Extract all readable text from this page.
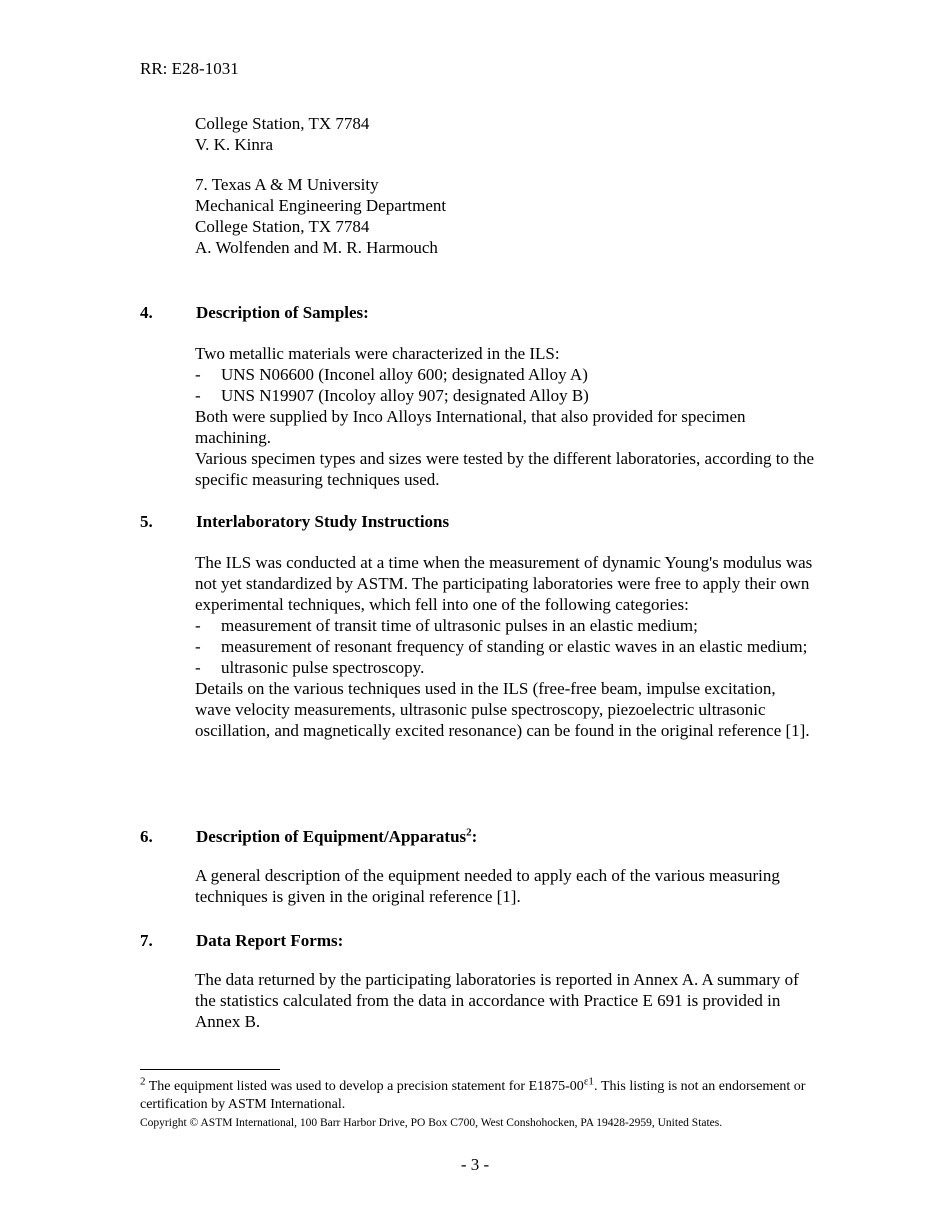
RR: E28-1031
College Station, TX 7784
V. K. Kinra
7. Texas A & M University
Mechanical Engineering Department
College Station, TX 7784
A. Wolfenden and M. R. Harmouch
4.	Description of Samples:
Two metallic materials were characterized in the ILS:
- UNS N06600 (Inconel alloy 600; designated Alloy A)
- UNS N19907 (Incoloy alloy 907; designated Alloy B)
Both were supplied by Inco Alloys International, that also provided for specimen machining.
Various specimen types and sizes were tested by the different laboratories, according to the specific measuring techniques used.
5.	Interlaboratory Study Instructions
The ILS was conducted at a time when the measurement of dynamic Young's modulus was not yet standardized by ASTM. The participating laboratories were free to apply their own experimental techniques, which fell into one of the following categories:
- measurement of transit time of ultrasonic pulses in an elastic medium;
- measurement of resonant frequency of standing or elastic waves in an elastic medium;
- ultrasonic pulse spectroscopy.
Details on the various techniques used in the ILS (free-free beam, impulse excitation, wave velocity measurements, ultrasonic pulse spectroscopy, piezoelectric ultrasonic oscillation, and magnetically excited resonance) can be found in the original reference [1].
6.	Description of Equipment/Apparatus$^2$:
A general description of the equipment needed to apply each of the various measuring techniques is given in the original reference [1].
7.	Data Report Forms:
The data returned by the participating laboratories is reported in Annex A. A summary of the statistics calculated from the data in accordance with Practice E 691 is provided in Annex B.
$^2$ The equipment listed was used to develop a precision statement for $E1875-00^{\varepsilon 1}$. This listing is not an endorsement or certification by ASTM International.
Copyright © ASTM International, 100 Barr Harbor Drive, PO Box C700, West Conshohocken, PA 19428-2959, United States.
- 3 -
